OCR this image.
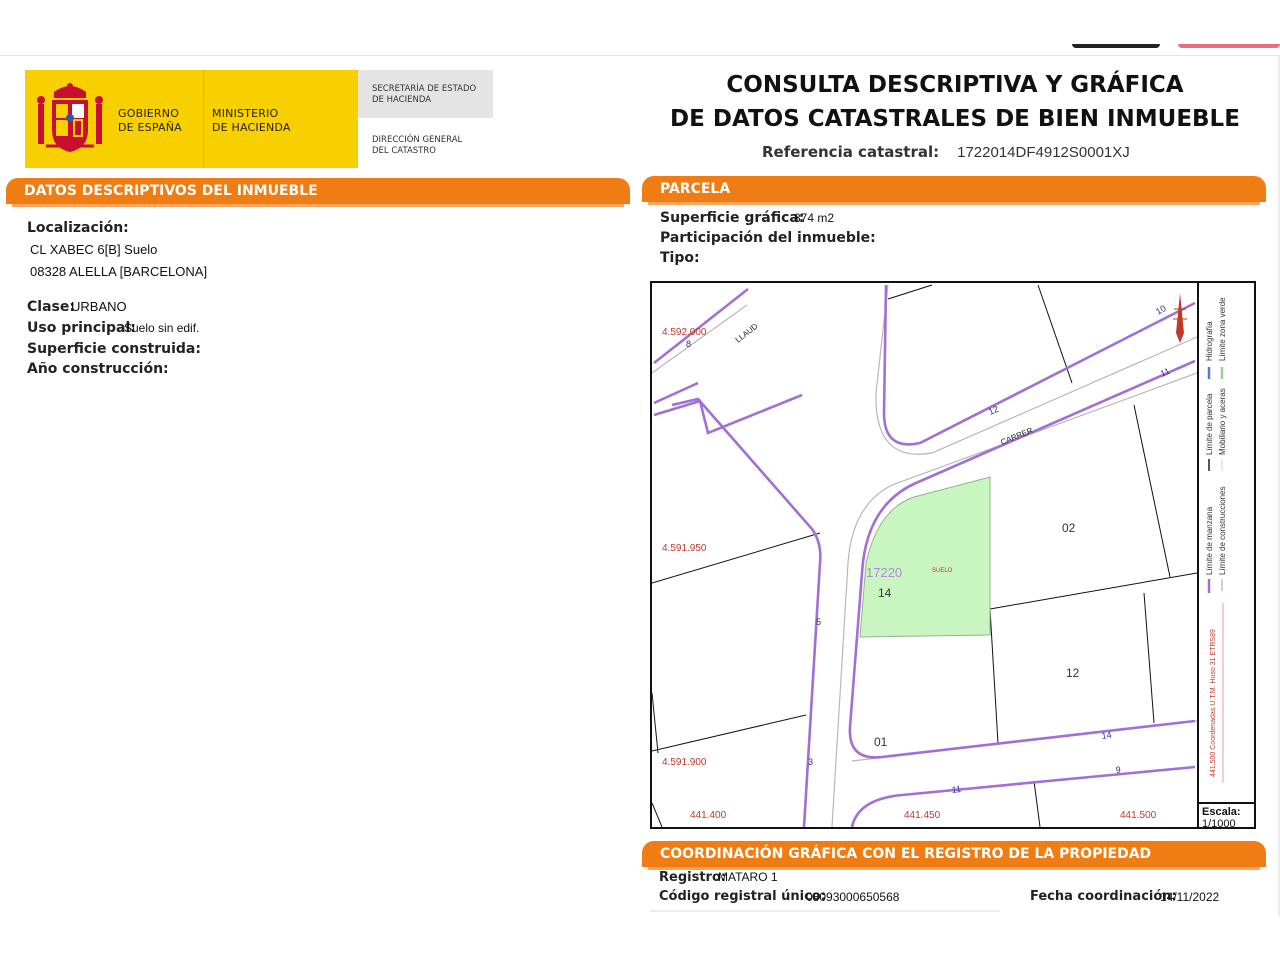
GOBIERNO
DE ESPAÑA
MINISTERIO
DE HACIENDA
SECRETARÍA DE ESTADO
DE HACIENDA
DIRECCIÓN GENERAL
DEL CATASTRO
CONSULTA DESCRIPTIVA Y GRÁFICA
DE DATOS CATASTRALES DE BIEN INMUEBLE
Referencia catastral: 1722014DF4912S0001XJ
DATOS DESCRIPTIVOS DEL INMUEBLE
Localización:
CL XABEC 6[B] Suelo
08328 ALELLA [BARCELONA]
Clase:
URBANO
Uso principal:
Suelo sin edif.
Superficie construida:
Año construcción:
PARCELA
Superficie gráfica:
874 m2
Participación del inmueble:
Tipo:
4.592.000
4.591.950
4.591.900
441.400	441.450	441.500
LLAUD
CARRER
17220	SUELO
14
02
12
01
8
10
12
11
5
3
14
9
11
Límite de manzana
Límite de parcela
Hidrografía
Límite de construcciones
Mobiliario y aceras
Límite zona verde
441,500 Coordenadas U.T.M. Huso 31 ETRS89
Escala:
1/1000
COORDINACIÓN GRÁFICA CON EL REGISTRO DE LA PROPIEDAD
Registro:
MATARO 1
Código registral único:
08093000650568	Fecha coordinación:
14/11/2022
